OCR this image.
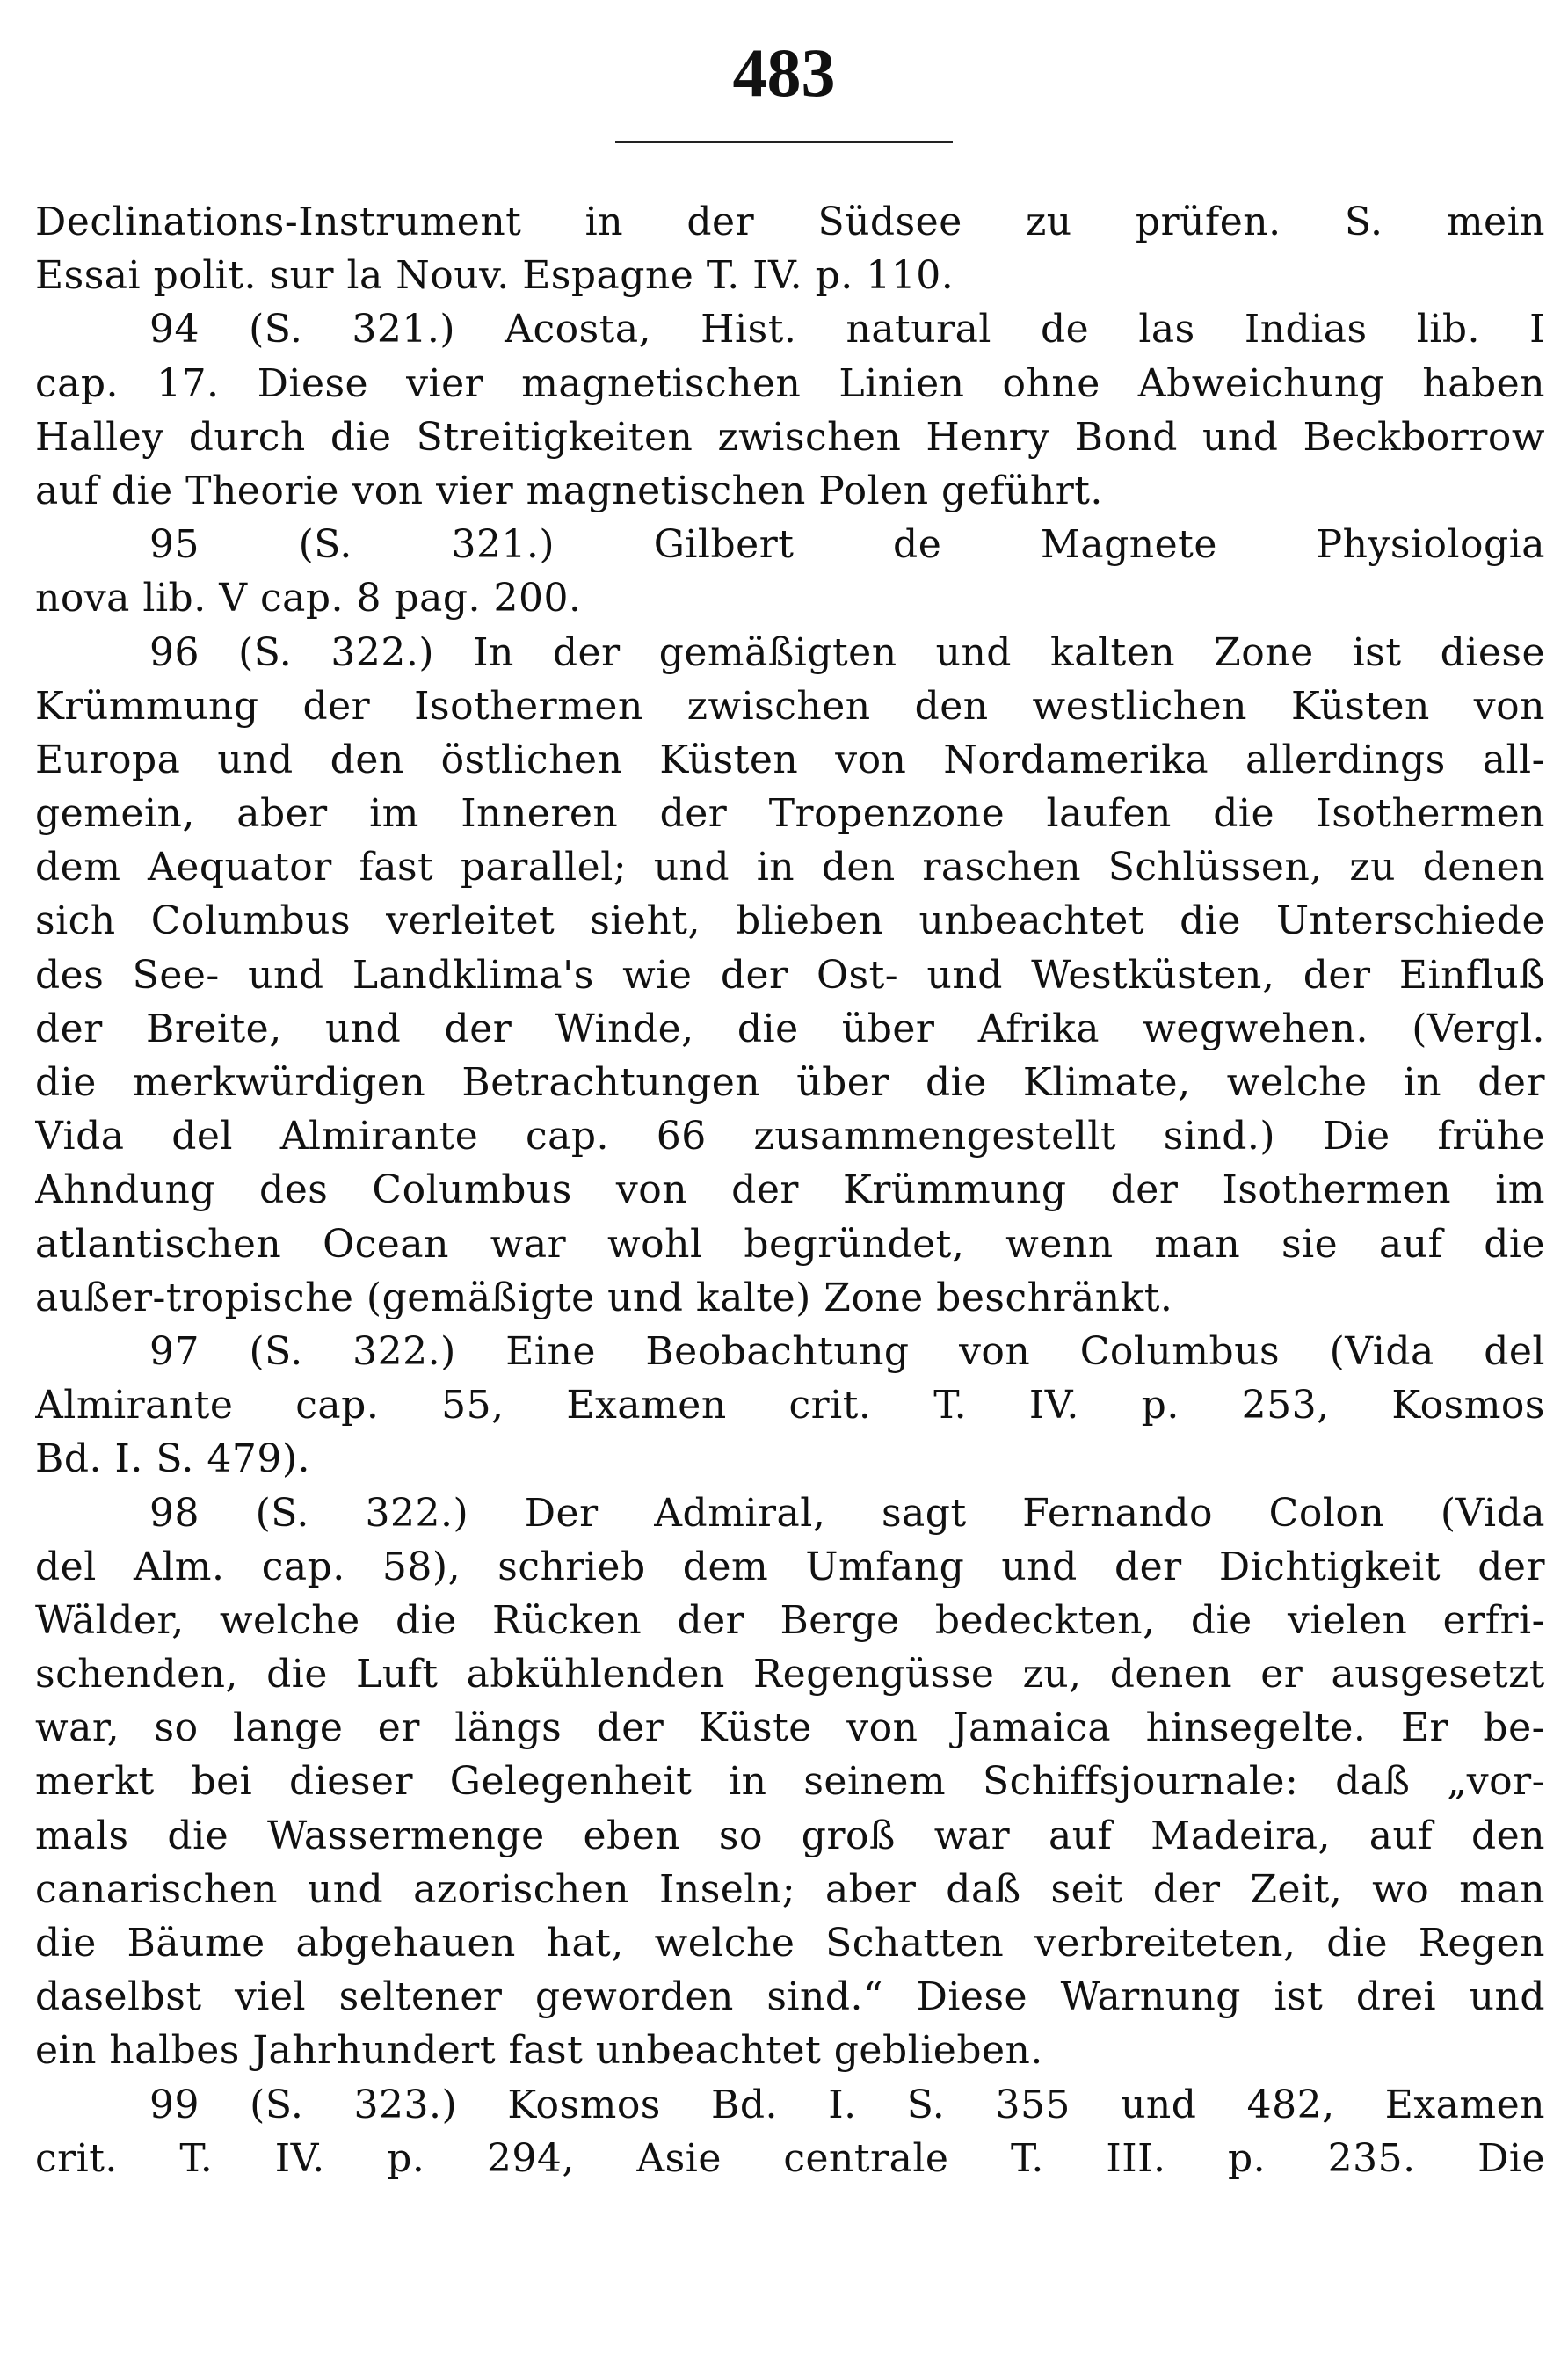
483
Declinations-Instrument in der Südsee zu prüfen. S. mein
Essai polit. sur la Nouv. Espagne T. IV. p. 110.
94 (S. 321.) Acosta, Hist. natural de las Indias lib. I
cap. 17. Diese vier magnetischen Linien ohne Abweichung haben
Halley durch die Streitigkeiten zwischen Henry Bond und Beckborrow
auf die Theorie von vier magnetischen Polen geführt.
95 (S. 321.) Gilbert de Magnete Physiologia
nova lib. V cap. 8 pag. 200.
96 (S. 322.) In der gemäßigten und kalten Zone ist diese
Krümmung der Isothermen zwischen den westlichen Küsten von
Europa und den östlichen Küsten von Nordamerika allerdings all-
gemein, aber im Inneren der Tropenzone laufen die Isothermen
dem Aequator fast parallel; und in den raschen Schlüssen, zu denen
sich Columbus verleitet sieht, blieben unbeachtet die Unterschiede
des See- und Landklima's wie der Ost- und Westküsten, der Einfluß
der Breite, und der Winde, die über Afrika wegwehen. (Vergl.
die merkwürdigen Betrachtungen über die Klimate, welche in der
Vida del Almirante cap. 66 zusammengestellt sind.) Die frühe
Ahndung des Columbus von der Krümmung der Isothermen im
atlantischen Ocean war wohl begründet, wenn man sie auf die
außer-tropische (gemäßigte und kalte) Zone beschränkt.
97 (S. 322.) Eine Beobachtung von Columbus (Vida del
Almirante cap. 55, Examen crit. T. IV. p. 253, Kosmos
Bd. I. S. 479).
98 (S. 322.) Der Admiral, sagt Fernando Colon (Vida
del Alm. cap. 58), schrieb dem Umfang und der Dichtigkeit der
Wälder, welche die Rücken der Berge bedeckten, die vielen erfri-
schenden, die Luft abkühlenden Regengüsse zu, denen er ausgesetzt
war, so lange er längs der Küste von Jamaica hinsegelte. Er be-
merkt bei dieser Gelegenheit in seinem Schiffsjournale: daß „vor-
mals die Wassermenge eben so groß war auf Madeira, auf den
canarischen und azorischen Inseln; aber daß seit der Zeit, wo man
die Bäume abgehauen hat, welche Schatten verbreiteten, die Regen
daselbst viel seltener geworden sind.“ Diese Warnung ist drei und
ein halbes Jahrhundert fast unbeachtet geblieben.
99 (S. 323.) Kosmos Bd. I. S. 355 und 482, Examen
crit. T. IV. p. 294, Asie centrale T. III. p. 235. Die
